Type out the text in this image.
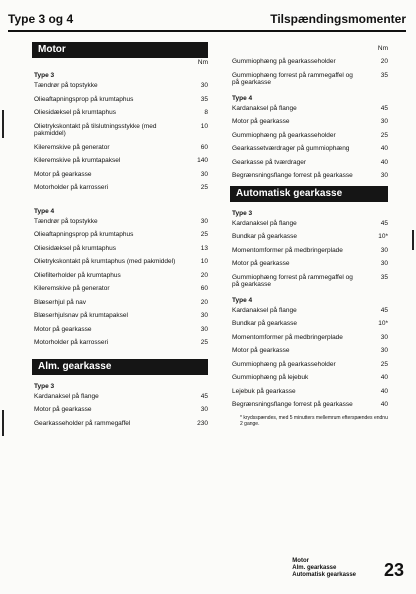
Type 3 og 4	Tilspændingsmomenter
Motor
Nm
Type 3
Tændrør på topstykke	30
Olieaftapningsprop på krumtaphus	35
Oliesidæksel på krumtaphus	8
Olietrykskontakt på tilslutningsstykke (med pakmiddel)
10
Kileremskive på generator	60
Kileremskive på krumtapaksel	140
Motor på gearkasse	30
Motorholder på karrosseri	25
Type 4
Tændrør på topstykke	30
Olieaftapningsprop på krumtaphus	25
Oliesidæksel på krumtaphus	13
Olietrykskontakt på krumtaphus (med pakmiddel)	10
Oliefilterholder på krumtaphus	20
Kileremskive på generator	60
Blæserhjul på nav	20
Blæserhjulsnav på krumtapaksel	30
Motor på gearkasse	30
Motorholder på karrosseri	25
Alm. gearkasse
Type 3
Kardanaksel på flange	45
Motor på gearkasse	30
Gearkasseholder på rammegaffel	230
Nm
Gummiophæng på gearkasseholder	20
Gummiophæng forrest på rammegaffel og på gearkasse
35
Type 4
Kardanaksel på flange	45
Motor på gearkasse	30
Gummiophæng på gearkasseholder	25
Gearkassetværdrager på gummiophæng	40
Gearkasse på tværdrager	40
Begrænsningsflange forrest på gearkasse	30
Automatisk gearkasse
Type 3
Kardanaksel på flange	45
Bundkar på gearkasse	10*
Momentomformer på medbringerplade	30
Motor på gearkasse	30
Gummiophæng forrest på rammegaffel og på gearkasse
35
Type 4
Kardanaksel på flange	45
Bundkar på gearkasse	10*
Momentomformer på medbringerplade	30
Motor på gearkasse	30
Gummiophæng på gearkasseholder	25
Gummiophæng på lejebuk	40
Lejebuk på gearkasse	40
Begrænsningsflange forrest på gearkasse	40
* krydsspændes, med 5 minutters mellemrum efterspændes endnu 2 gange.
Motor
Alm. gearkasse
Automatisk gearkasse 23
